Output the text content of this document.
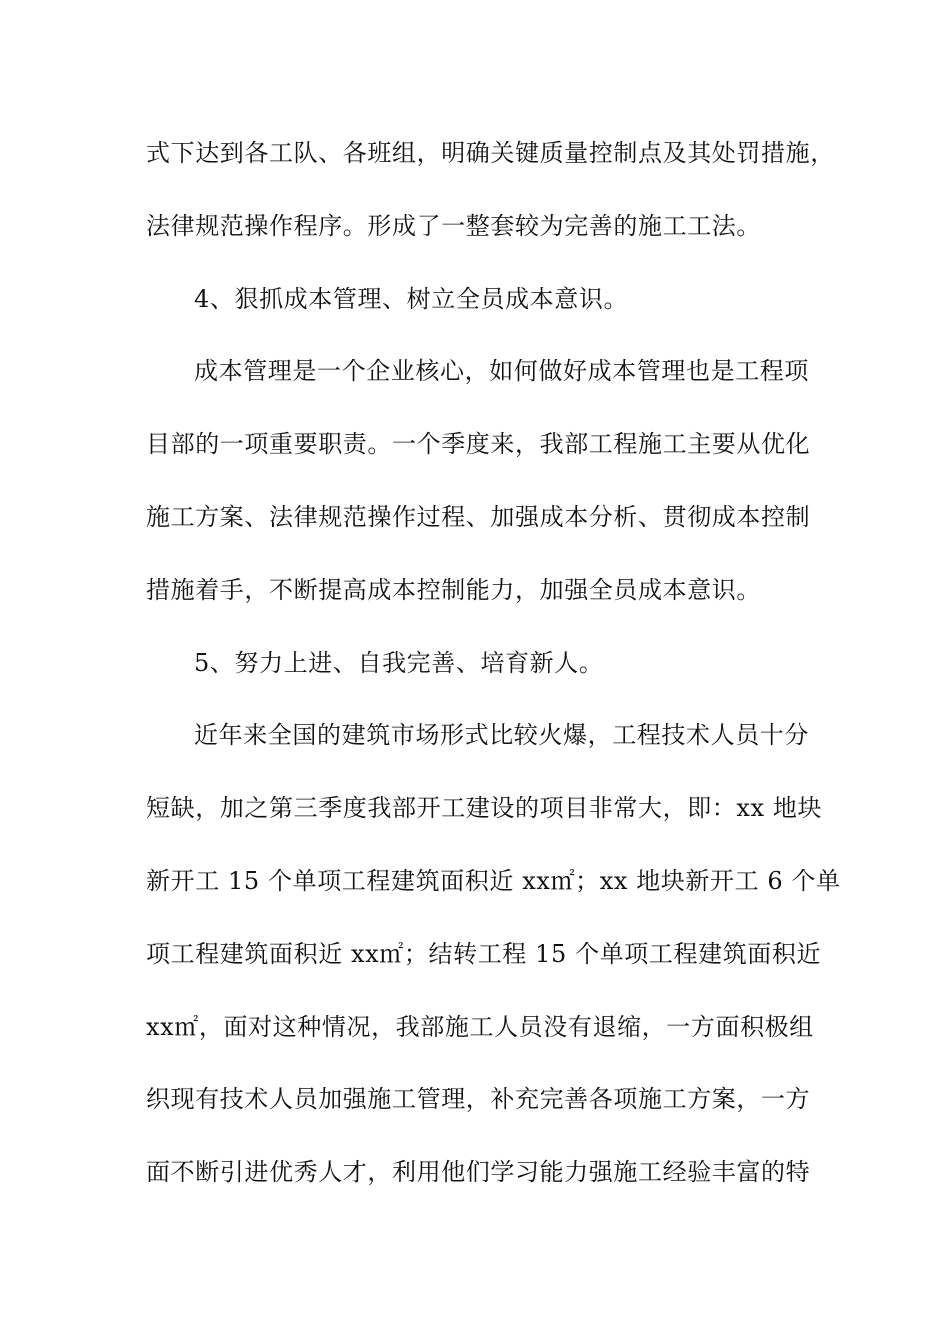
式下达到各工队、各班组，明确关键质量控制点及其处罚措施，
法律规范操作程序。形成了一整套较为完善的施工工法。
4、狠抓成本管理、树立全员成本意识。
成本管理是一个企业核心，如何做好成本管理也是工程项
目部的一项重要职责。一个季度来，我部工程施工主要从优化
施工方案、法律规范操作过程、加强成本分析、贯彻成本控制
措施着手，不断提高成本控制能力，加强全员成本意识。
5、努力上进、自我完善、培育新人。
近年来全国的建筑市场形式比较火爆，工程技术人员十分
短缺，加之第三季度我部开工建设的项目非常大，即：xx 地块
新开工 15 个单项工程建筑面积近 xx㎡；xx 地块新开工 6 个单
项工程建筑面积近 xx㎡；结转工程 15 个单项工程建筑面积近
xx㎡，面对这种情况，我部施工人员没有退缩，一方面积极组
织现有技术人员加强施工管理，补充完善各项施工方案，一方
面不断引进优秀人才，利用他们学习能力强施工经验丰富的特
